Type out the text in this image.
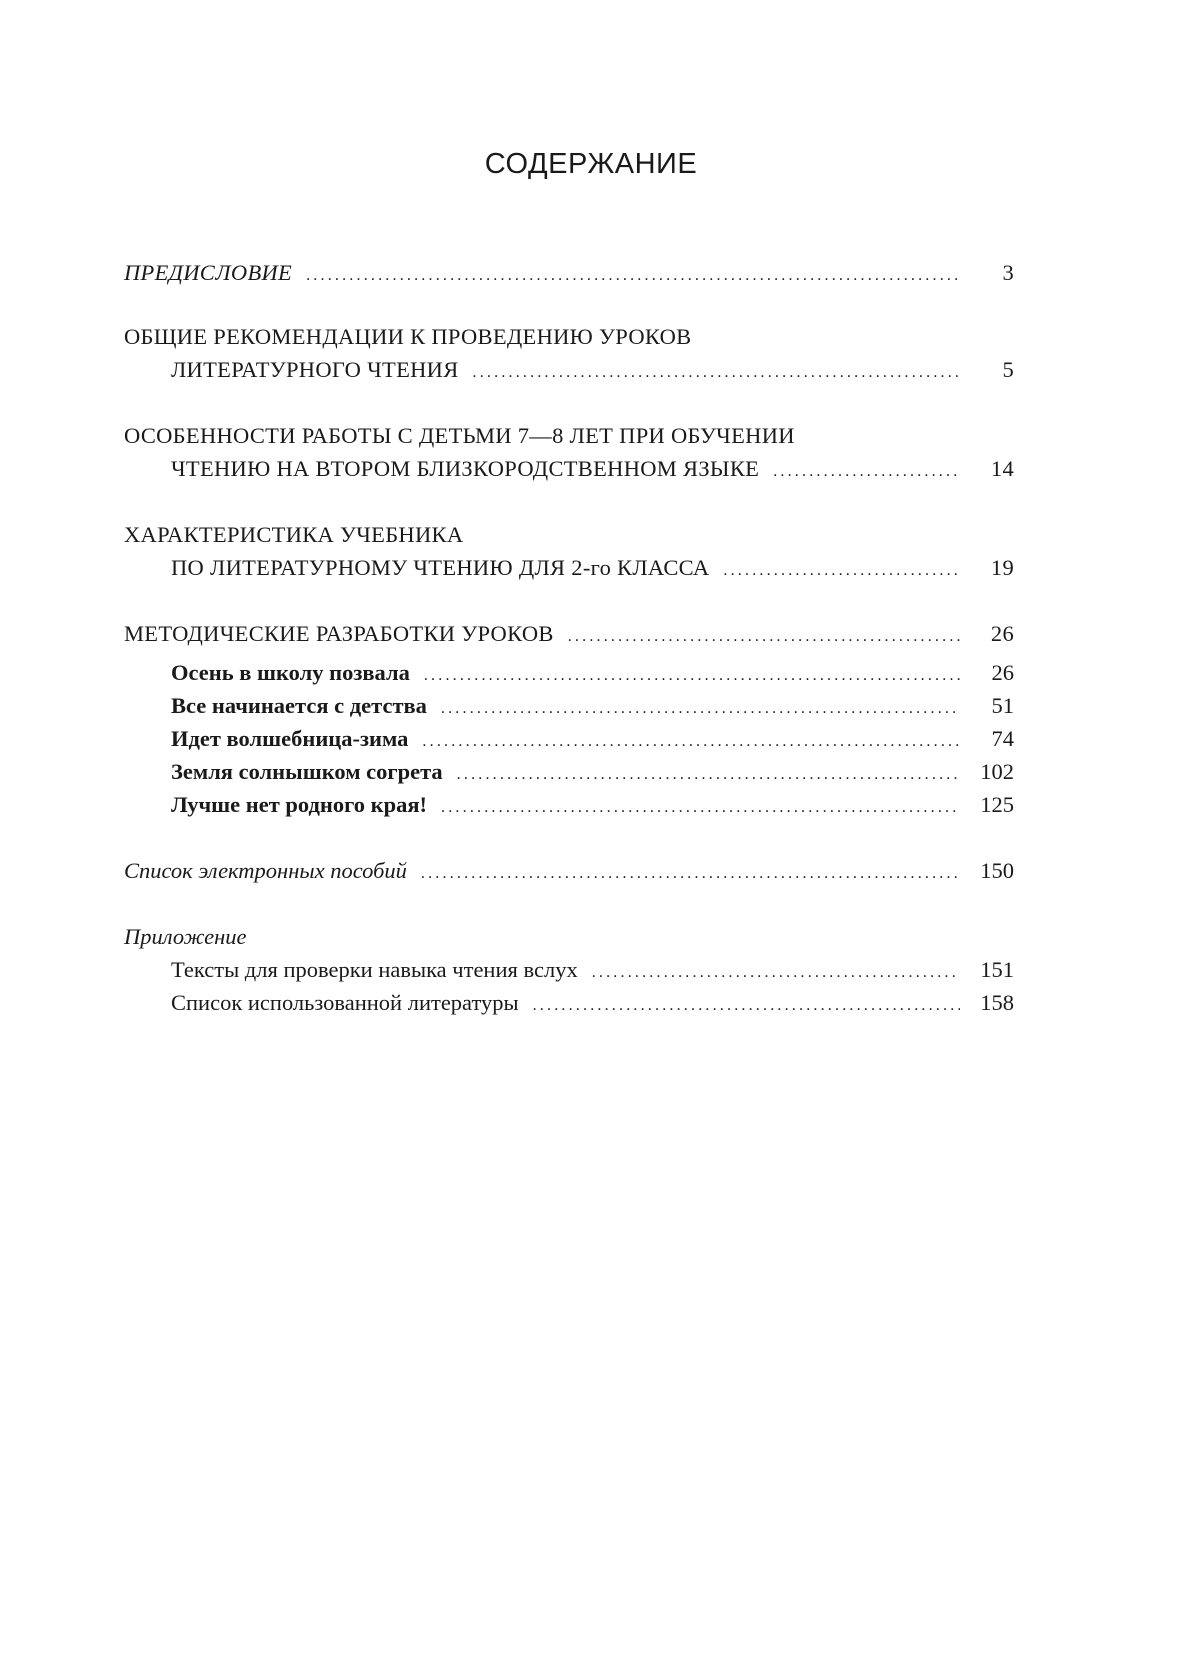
СОДЕРЖАНИЕ
ПРЕДИСЛОВИЕ .....	3
ОБЩИЕ РЕКОМЕНДАЦИИ К ПРОВЕДЕНИЮ УРОКОВ
ЛИТЕРАТУРНОГО ЧТЕНИЯ .....	5
ОСОБЕННОСТИ РАБОТЫ С ДЕТЬМИ 7—8 ЛЕТ ПРИ ОБУЧЕНИИ
ЧТЕНИЮ НА ВТОРОМ БЛИЗКОРОДСТВЕННОМ ЯЗЫКЕ .....	14
ХАРАКТЕРИСТИКА УЧЕБНИКА
ПО ЛИТЕРАТУРНОМУ ЧТЕНИЮ ДЛЯ 2-го КЛАССА .....	19
МЕТОДИЧЕСКИЕ РАЗРАБОТКИ УРОКОВ .....	26
Осень в школу позвала .....	26
Все начинается с детства .....	51
Идет волшебница-зима .....	74
Земля солнышком согрета .....	102
Лучше нет родного края! .....	125
Список электронных пособий .....	150
Приложение
Тексты для проверки навыка чтения вслух .....	151
Список использованной литературы .....	158
